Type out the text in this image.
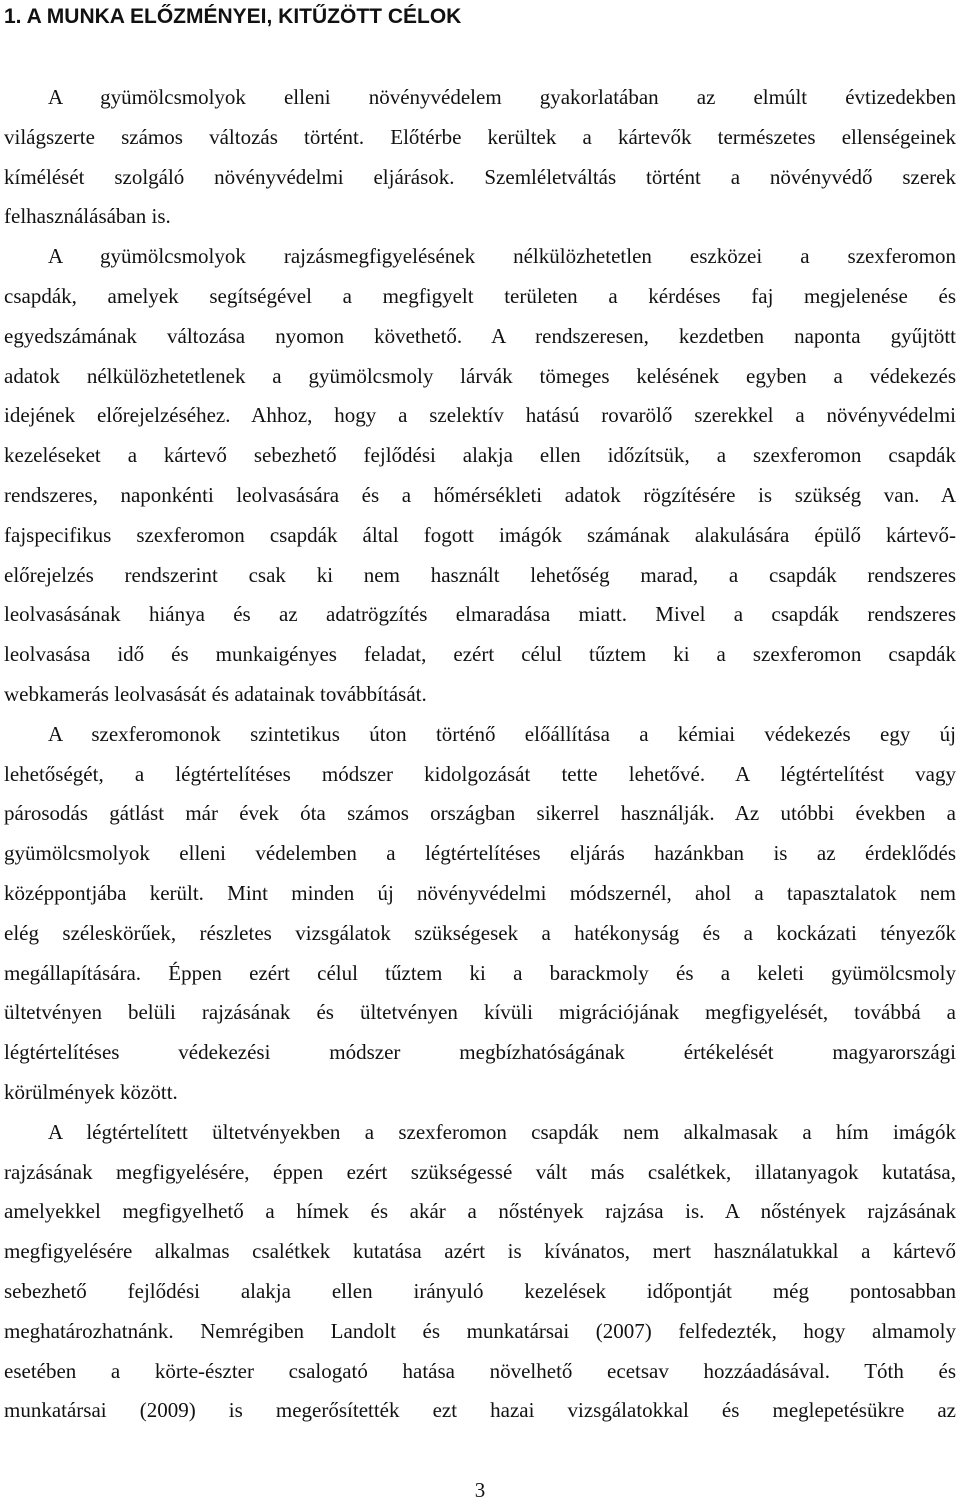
1. A MUNKA ELŐZMÉNYEI, KITŰZÖTT CÉLOK
A gyümölcsmolyok elleni növényvédelem gyakorlatában az elmúlt évtizedekben
világszerte számos változás történt. Előtérbe kerültek a kártevők természetes ellenségeinek
kímélését szolgáló növényvédelmi eljárások. Szemléletváltás történt a növényvédő szerek
felhasználásában is.
A gyümölcsmolyok rajzásmegfigyelésének nélkülözhetetlen eszközei a szexferomon
csapdák, amelyek segítségével a megfigyelt területen a kérdéses faj megjelenése és
egyedszámának változása nyomon követhető. A rendszeresen, kezdetben naponta gyűjtött
adatok nélkülözhetetlenek a gyümölcsmoly lárvák tömeges kelésének egyben a védekezés
idejének előrejelzéséhez. Ahhoz, hogy a szelektív hatású rovarölő szerekkel a növényvédelmi
kezeléseket a kártevő sebezhető fejlődési alakja ellen időzítsük, a szexferomon csapdák
rendszeres, naponkénti leolvasására és a hőmérsékleti adatok rögzítésére is szükség van. A
fajspecifikus szexferomon csapdák által fogott imágók számának alakulására épülő kártevő-
előrejelzés rendszerint csak ki nem használt lehetőség marad, a csapdák rendszeres
leolvasásának hiánya és az adatrögzítés elmaradása miatt. Mivel a csapdák rendszeres
leolvasása idő és munkaigényes feladat, ezért célul tűztem ki a szexferomon csapdák
webkamerás leolvasását és adatainak továbbítását.
A szexferomonok szintetikus úton történő előállítása a kémiai védekezés egy új
lehetőségét, a légtértelítéses módszer kidolgozását tette lehetővé. A légtértelítést vagy
párosodás gátlást már évek óta számos országban sikerrel használják. Az utóbbi években a
gyümölcsmolyok elleni védelemben a légtértelítéses eljárás hazánkban is az érdeklődés
középpontjába került. Mint minden új növényvédelmi módszernél, ahol a tapasztalatok nem
elég széleskörűek, részletes vizsgálatok szükségesek a hatékonyság és a kockázati tényezők
megállapítására. Éppen ezért célul tűztem ki a barackmoly és a keleti gyümölcsmoly
ültetvényen belüli rajzásának és ültetvényen kívüli migrációjának megfigyelését, továbbá a
légtértelítéses védekezési módszer megbízhatóságának értékelését magyarországi
körülmények között.
A légtértelített ültetvényekben a szexferomon csapdák nem alkalmasak a hím imágók
rajzásának megfigyelésére, éppen ezért szükségessé vált más csalétkek, illatanyagok kutatása,
amelyekkel megfigyelhető a hímek és akár a nőstények rajzása is. A nőstények rajzásának
megfigyelésére alkalmas csalétkek kutatása azért is kívánatos, mert használatukkal a kártevő
sebezhető fejlődési alakja ellen irányuló kezelések időpontját még pontosabban
meghatározhatnánk. Nemrégiben Landolt és munkatársai (2007) felfedezték, hogy almamoly
esetében a körte-észter csalogató hatása növelhető ecetsav hozzáadásával. Tóth és
munkatársai (2009) is megerősítették ezt hazai vizsgálatokkal és meglepetésükre az
3
